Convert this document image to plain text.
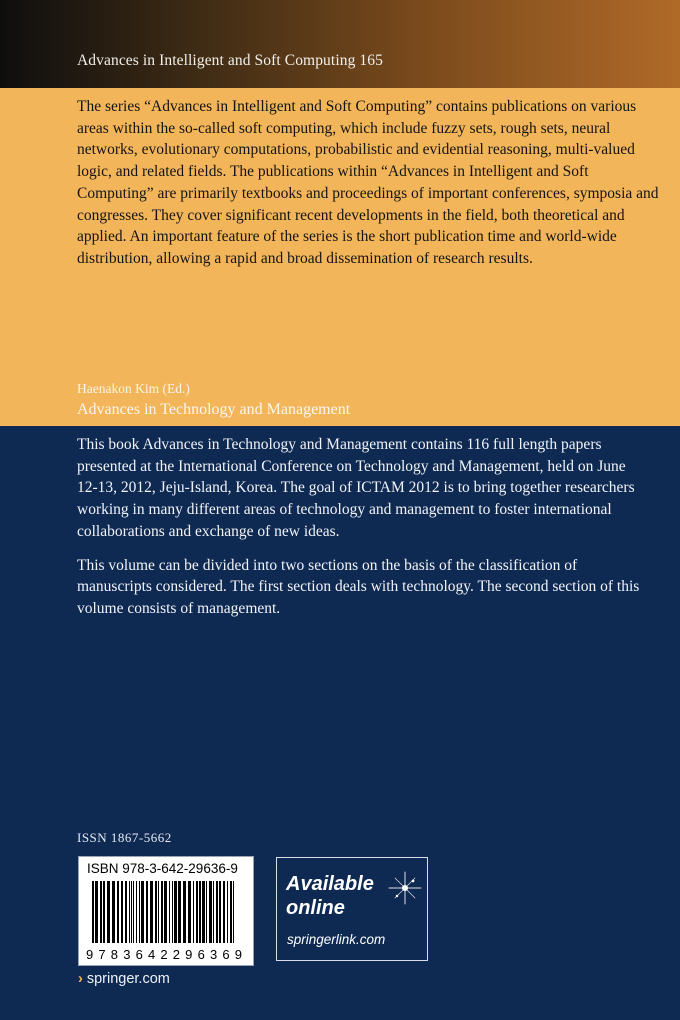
Advances in Intelligent and Soft Computing 165
The series “Advances in Intelligent and Soft Computing” contains publications on various areas within the so-called soft computing, which include fuzzy sets, rough sets, neural networks, evolutionary computations, probabilistic and evidential reasoning, multi-valued logic, and related fields. The publications within “Advances in Intelligent and Soft Computing” are primarily textbooks and proceedings of important conferences, symposia and congresses. They cover significant recent developments in the field, both theoretical and applied. An important feature of the series is the short publication time and world-wide distribution, allowing a rapid and broad dissemination of research results.
Haenakon Kim (Ed.)
Advances in Technology and Management

This book Advances in Technology and Management contains 116 full length papers presented at the International Conference on Technology and Management, held on June 12-13, 2012, Jeju-Island, Korea. The goal of ICTAM 2012 is to bring together researchers working in many different areas of technology and management to foster international collaborations and exchange of new ideas.

This volume can be divided into two sections on the basis of the classification of manuscripts considered. The first section deals with technology. The second section of this volume consists of management.

ISSN 1867-5662
ISBN 978-3-642-29636-9
9783642296369
Available online
springerlink.com
› springer.com
